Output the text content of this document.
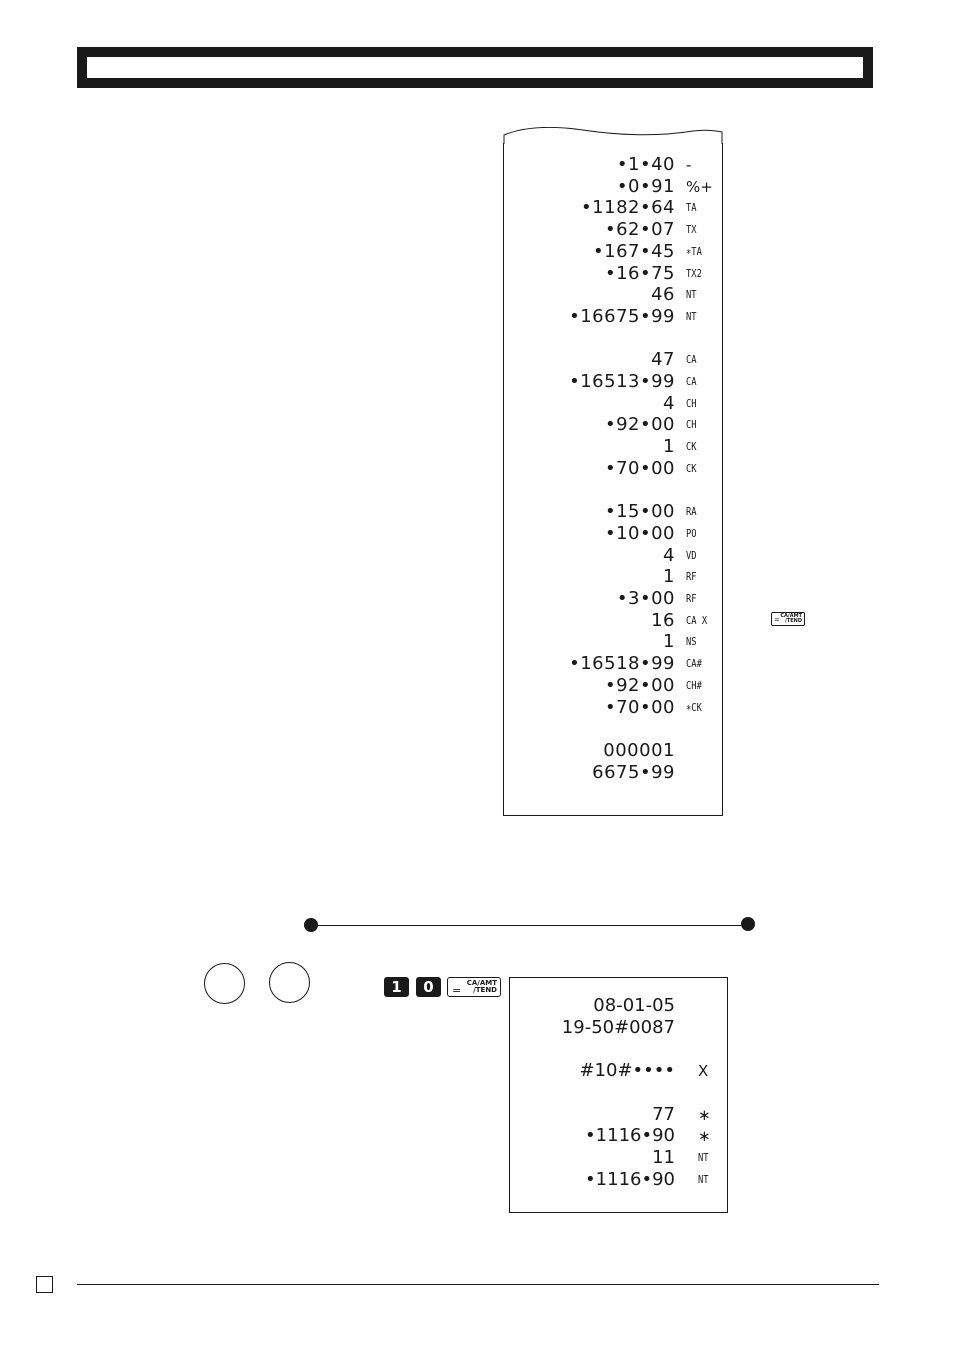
•1•40 -
•0•91 %+
•1182•64 TA
•62•07 TX
•167•45 ∗TA
•16•75 TX2
46 NT
•16675•99 NT
47 CA
•16513•99 CA
4 CH
•92•00 CH
1 CK
•70•00 CK
•15•00 RA
•10•00 PO
4 VD
1 RF
•3•00 RF
16 CA X
1 NS
•16518•99 CA#
•92•00 CH#
•70•00 ∗CK
000001
6675•99
= CA/AMT
/TEND
1 0 =
CA/AMT
/TEND
08-01-05
19-50#0087
#10#•••• X
77 ∗
•1116•90 ∗
11 NT
•1116•90 NT
